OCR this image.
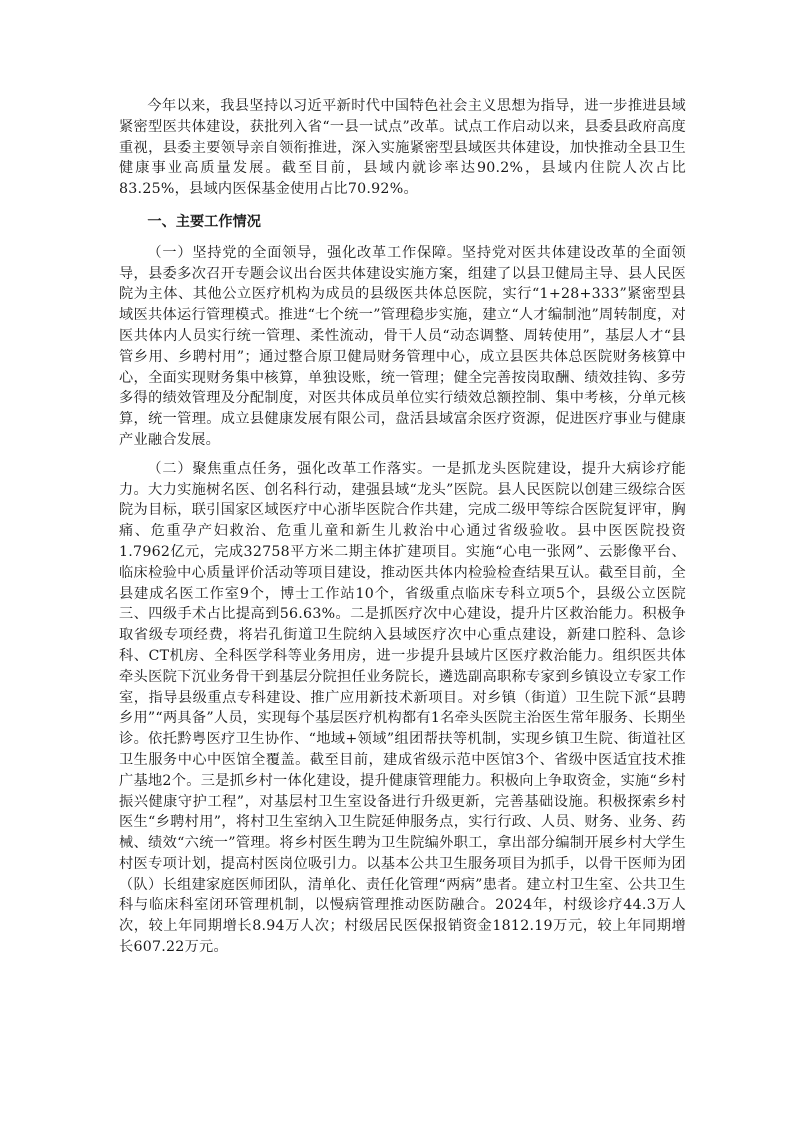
今年以来，我县坚持以习近平新时代中国特色社会主义思想为指导，进一步推进县域紧密型医共体建设，获批列入省“一县一试点”改革。试点工作启动以来，县委县政府高度重视，县委主要领导亲自领衔推进，深入实施紧密型县域医共体建设，加快推动全县卫生健康事业高质量发展。截至目前，县域内就诊率达90.2%，县域内住院人次占比83.25%，县域内医保基金使用占比70.92%。

一、主要工作情况

（一）坚持党的全面领导，强化改革工作保障。坚持党对医共体建设改革的全面领导，县委多次召开专题会议出台医共体建设实施方案，组建了以县卫健局主导、县人民医院为主体、其他公立医疗机构为成员的县级医共体总医院，实行“1+28+333”紧密型县域医共体运行管理模式。推进“七个统一”管理稳步实施，建立“人才编制池”周转制度，对医共体内人员实行统一管理、柔性流动，骨干人员“动态调整、周转使用”，基层人才“县管乡用、乡聘村用”；通过整合原卫健局财务管理中心，成立县医共体总医院财务核算中心，全面实现财务集中核算，单独设账，统一管理；健全完善按岗取酬、绩效挂钩、多劳多得的绩效管理及分配制度，对医共体成员单位实行绩效总额控制、集中考核，分单元核算，统一管理。成立县健康发展有限公司，盘活县域富余医疗资源，促进医疗事业与健康产业融合发展。

（二）聚焦重点任务，强化改革工作落实。一是抓龙头医院建设，提升大病诊疗能力。大力实施树名医、创名科行动，建强县域“龙头”医院。县人民医院以创建三级综合医院为目标，联引国家区域医疗中心浙毕医院合作共建，完成二级甲等综合医院复评审，胸痛、危重孕产妇救治、危重儿童和新生儿救治中心通过省级验收。县中医医院投资1.7962亿元，完成32758平方米二期主体扩建项目。实施“心电一张网”、云影像平台、临床检验中心质量评价活动等项目建设，推动医共体内检验检查结果互认。截至目前，全县建成名医工作室9个，博士工作站10个，省级重点临床专科立项5个，县级公立医院三、四级手术占比提高到56.63%。二是抓医疗次中心建设，提升片区救治能力。积极争取省级专项经费，将岩孔街道卫生院纳入县域医疗次中心重点建设，新建口腔科、急诊科、CT机房、全科医学科等业务用房，进一步提升县域片区医疗救治能力。组织医共体牵头医院下沉业务骨干到基层分院担任业务院长，遴选副高职称专家到乡镇设立专家工作室，指导县级重点专科建设、推广应用新技术新项目。对乡镇（街道）卫生院下派“县聘乡用”“两具备”人员，实现每个基层医疗机构都有1名牵头医院主治医生常年服务、长期坐诊。依托黔粤医疗卫生协作、“地域+领域”组团帮扶等机制，实现乡镇卫生院、街道社区卫生服务中心中医馆全覆盖。截至目前，建成省级示范中医馆3个、省级中医适宜技术推广基地2个。三是抓乡村一体化建设，提升健康管理能力。积极向上争取资金，实施“乡村振兴健康守护工程”，对基层村卫生室设备进行升级更新，完善基础设施。积极探索乡村医生“乡聘村用”，将村卫生室纳入卫生院延伸服务点，实行行政、人员、财务、业务、药械、绩效“六统一”管理。将乡村医生聘为卫生院编外职工，拿出部分编制开展乡村大学生村医专项计划，提高村医岗位吸引力。以基本公共卫生服务项目为抓手，以骨干医师为团（队）长组建家庭医师团队，清单化、责任化管理“两病”患者。建立村卫生室、公共卫生科与临床科室闭环管理机制，以慢病管理推动医防融合。2024年，村级诊疗44.3万人次，较上年同期增长8.94万人次；村级居民医保报销资金1812.19万元，较上年同期增长607.22万元。
